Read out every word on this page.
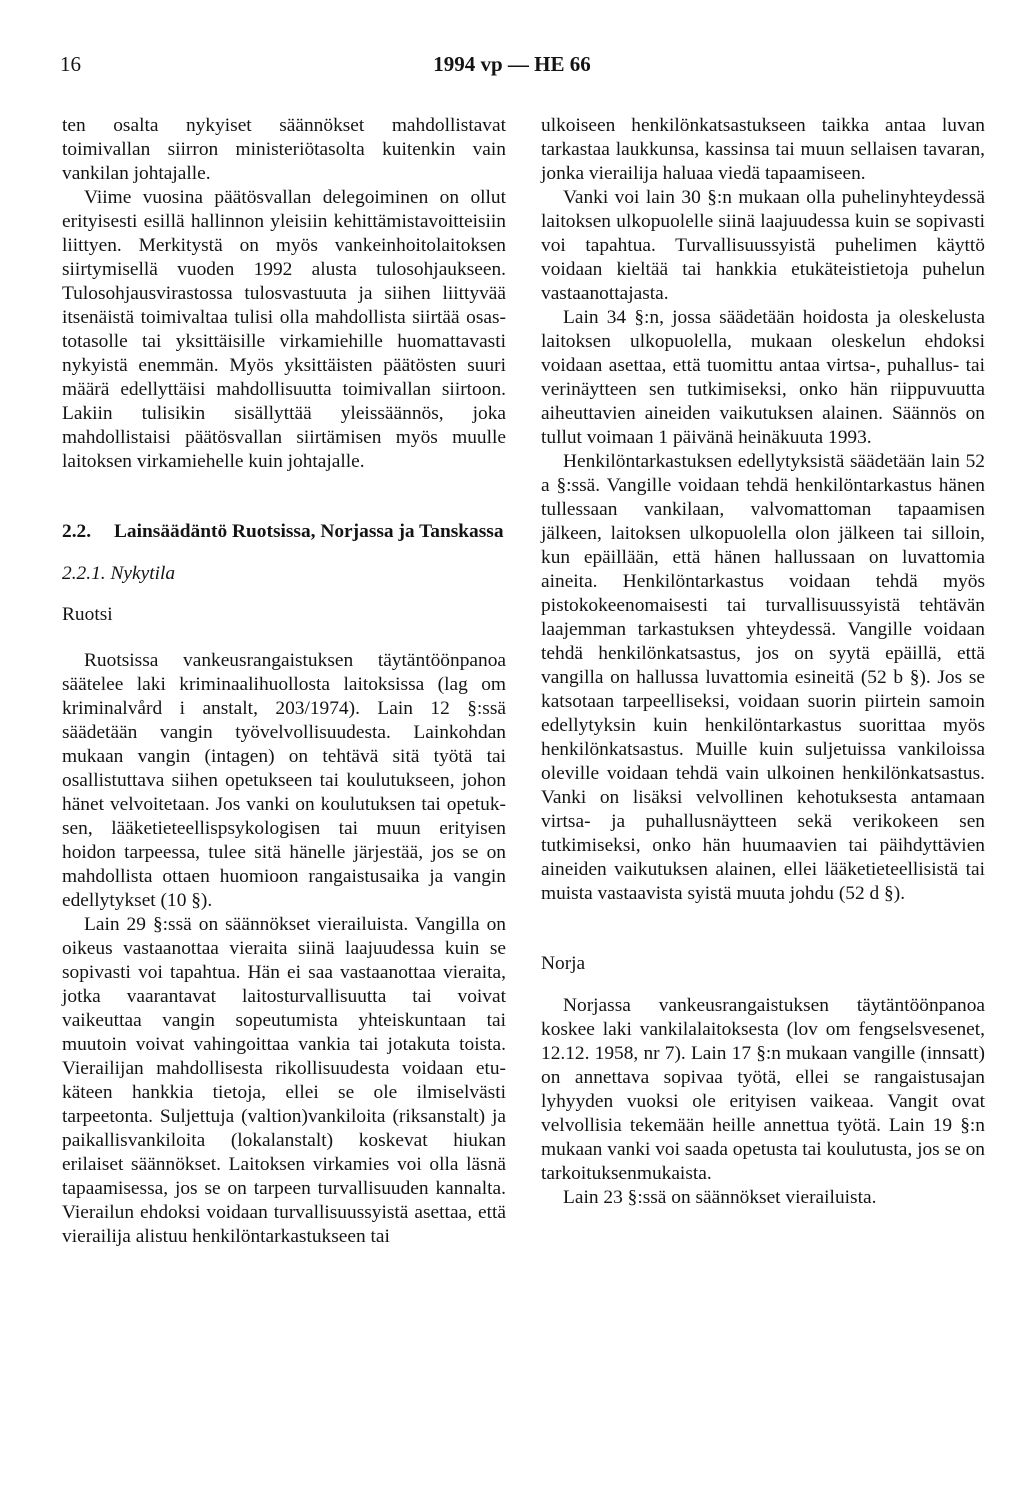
16	1994 vp — HE 66

ten osalta nykyiset säännökset mahdollistavat toimivallan siirron ministeriötasolta kuitenkin vain vankilan johtajalle.

Viime vuosina päätösvallan delegoiminen on ollut erityisesti esillä hallinnon yleisiin kehittämistavoitteisiin liittyen. Merkitystä on myös vankeinhoitolaitoksen siirtymisellä vuoden 1992 alusta tulosohjaukseen. Tulosohjausvirastossa tulosvastuuta ja siihen liittyvää itsenäistä toimivaltaa tulisi olla mahdollista siirtää osastotasolle tai yksittäisille virkamiehille huomattavasti nykyistä enemmän. Myös yksittäisten päätösten suuri määrä edellyttäisi mahdollisuutta toimivallan siirtoon. Lakiin tulisikin sisällyttää yleissäännös, joka mahdollistaisi päätösvallan siirtämisen myös muulle laitoksen virkamiehelle kuin johtajalle.

2.2.	Lainsäädäntö Ruotsissa, Norjassa ja Tanskassa
2.2.1. Nykytila
Ruotsi

Ruotsissa vankeusrangaistuksen täytäntöönpanoa säätelee laki kriminaalihuollosta laitoksissa (lag om kriminalvård i anstalt, 203/1974). Lain 12 §:ssä säädetään vangin työvelvollisuudesta. Lainkohdan mukaan vangin (intagen) on tehtävä sitä työtä tai osallistuttava siihen opetukseen tai koulutukseen, johon hänet velvoitetaan. Jos vanki on koulutuksen tai opetuksen, lääketieteellispsykologisen tai muun erityisen hoidon tarpeessa, tulee sitä hänelle järjestää, jos se on mahdollista ottaen huomioon rangaistusaika ja vangin edellytykset (10 §).

Lain 29 §:ssä on säännökset vierailuista. Vangilla on oikeus vastaanottaa vieraita siinä laajuudessa kuin se sopivasti voi tapahtua. Hän ei saa vastaanottaa vieraita, jotka vaarantavat laitosturvallisuutta tai voivat vaikeuttaa vangin sopeutumista yhteiskuntaan tai muutoin voivat vahingoittaa vankia tai jotakuta toista. Vierailijan mahdollisesta rikollisuudesta voidaan etukäteen hankkia tietoja, ellei se ole ilmiselvästi tarpeetonta. Suljettuja (valtion)vankiloita (riksanstalt) ja paikallisvankiloita (lokalanstalt) koskevat hiukan erilaiset säännökset. Laitoksen virkamies voi olla läsnä tapaamisessa, jos se on tarpeen turvallisuuden kannalta. Vierailun ehdoksi voidaan turvallisuussyistä asettaa, että vierailija alistuu henkilöntarkastukseen tai

ulkoiseen henkilönkatsastukseen taikka antaa luvan tarkastaa laukkunsa, kassinsa tai muun sellaisen tavaran, jonka vierailija haluaa viedä tapaamiseen.

Vanki voi lain 30 §:n mukaan olla puhelinyhteydessä laitoksen ulkopuolelle siinä laajuudessa kuin se sopivasti voi tapahtua. Turvallisuussyistä puhelimen käyttö voidaan kieltää tai hankkia etukäteistietoja puhelun vastaanottajasta.

Lain 34 §:n, jossa säädetään hoidosta ja oleskelusta laitoksen ulkopuolella, mukaan oleskelun ehdoksi voidaan asettaa, että tuomittu antaa virtsa-, puhallus- tai verinäytteen sen tutkimiseksi, onko hän riippuvuutta aiheuttavien aineiden vaikutuksen alainen. Säännös on tullut voimaan 1 päivänä heinäkuuta 1993.

Henkilöntarkastuksen edellytyksistä säädetään lain 52 a §:ssä. Vangille voidaan tehdä henkilöntarkastus hänen tullessaan vankilaan, valvomattoman tapaamisen jälkeen, laitoksen ulkopuolella olon jälkeen tai silloin, kun epäillään, että hänen hallussaan on luvattomia aineita. Henkilöntarkastus voidaan tehdä myös pistokokeenomaisesti tai turvallisuussyistä tehtävän laajemman tarkastuksen yhteydessä. Vangille voidaan tehdä henkilönkatsastus, jos on syytä epäillä, että vangilla on hallussa luvattomia esineitä (52 b §). Jos se katsotaan tarpeelliseksi, voidaan suorin piirtein samoin edellytyksin kuin henkilöntarkastus suorittaa myös henkilönkatsastus. Muille kuin suljetuissa vankiloissa oleville voidaan tehdä vain ulkoinen henkilönkatsastus. Vanki on lisäksi velvollinen kehotuksesta antamaan virtsa- ja puhallusnäytteen sekä verikokeen sen tutkimiseksi, onko hän huumaavien tai päihdyttävien aineiden vaikutuksen alainen, ellei lääketieteellisistä tai muista vastaavista syistä muuta johdu (52 d §).

Norja

Norjassa vankeusrangaistuksen täytäntöönpanoa koskee laki vankilalaitoksesta (lov om fengselsvesenet, 12.12. 1958, nr 7). Lain 17 §:n mukaan vangille (innsatt) on annettava sopivaa työtä, ellei se rangaistusajan lyhyyden vuoksi ole erityisen vaikeaa. Vangit ovat velvollisia tekemään heille annettua työtä. Lain 19 §:n mukaan vanki voi saada opetusta tai koulutusta, jos se on tarkoituksenmukaista.

Lain 23 §:ssä on säännökset vierailuista.
